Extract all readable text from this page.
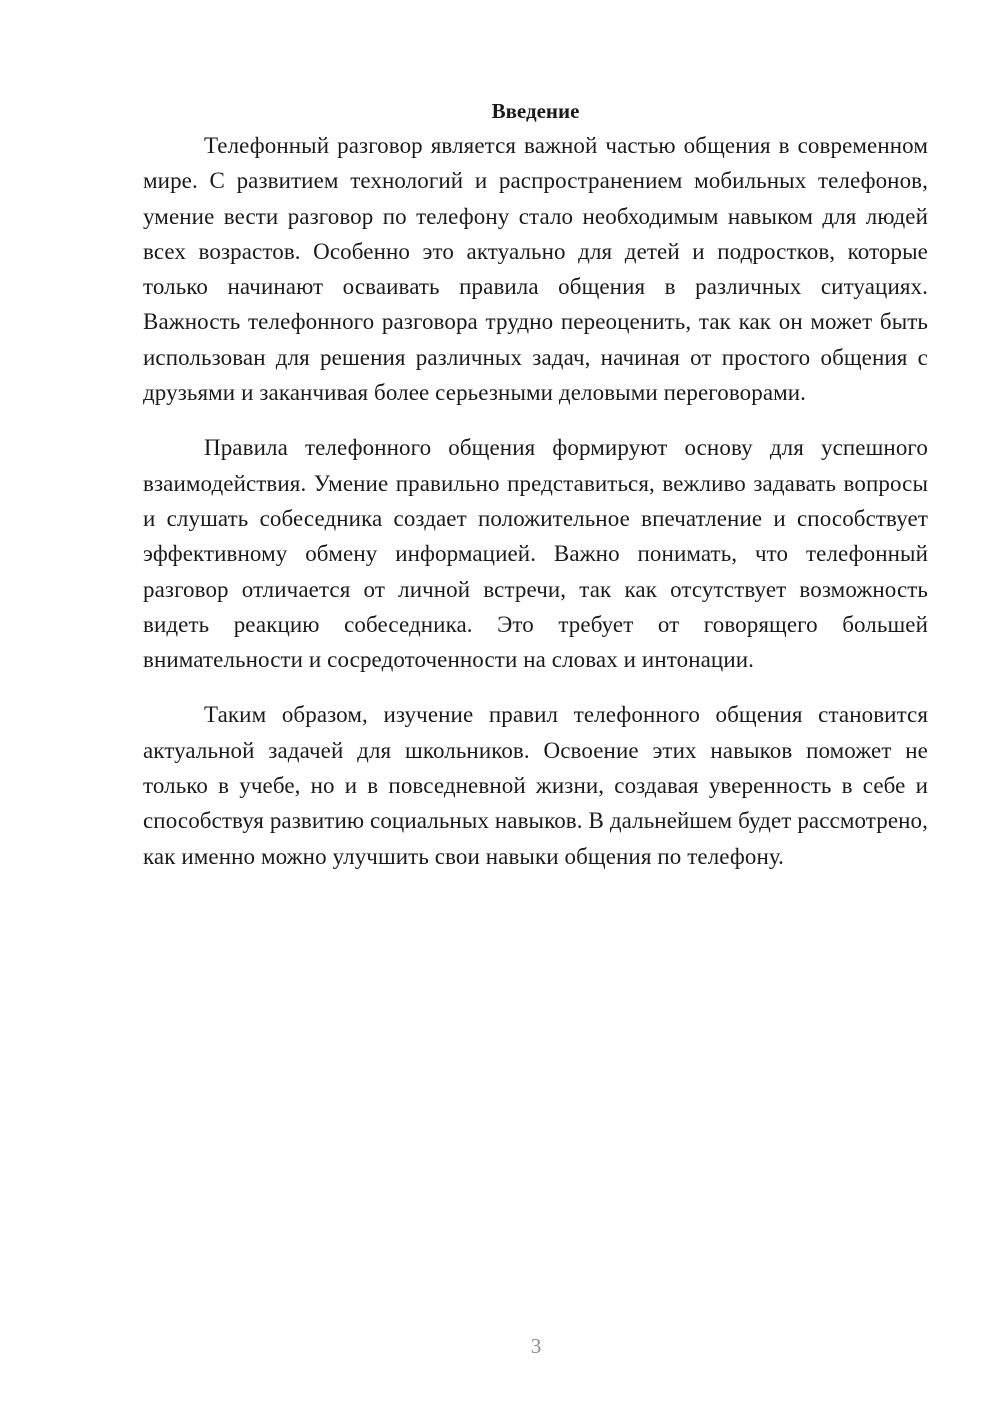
Введение

Телефонный разговор является важной частью общения в современном мире. С развитием технологий и распространением мобильных телефонов, умение вести разговор по телефону стало необходимым навыком для людей всех возрастов. Особенно это актуально для детей и подростков, которые только начинают осваивать правила общения в различных ситуациях. Важность телефонного разговора трудно переоценить, так как он может быть использован для решения различных задач, начиная от простого общения с друзьями и заканчивая более серьезными деловыми переговорами.

Правила телефонного общения формируют основу для успешного взаимодействия. Умение правильно представиться, вежливо задавать вопросы и слушать собеседника создает положительное впечатление и способствует эффективному обмену информацией. Важно понимать, что телефонный разговор отличается от личной встречи, так как отсутствует возможность видеть реакцию собеседника. Это требует от говорящего большей внимательности и сосредоточенности на словах и интонации.

Таким образом, изучение правил телефонного общения становится актуальной задачей для школьников. Освоение этих навыков поможет не только в учебе, но и в повседневной жизни, создавая уверенность в себе и способствуя развитию социальных навыков. В дальнейшем будет рассмотрено, как именно можно улучшить свои навыки общения по телефону.

3
